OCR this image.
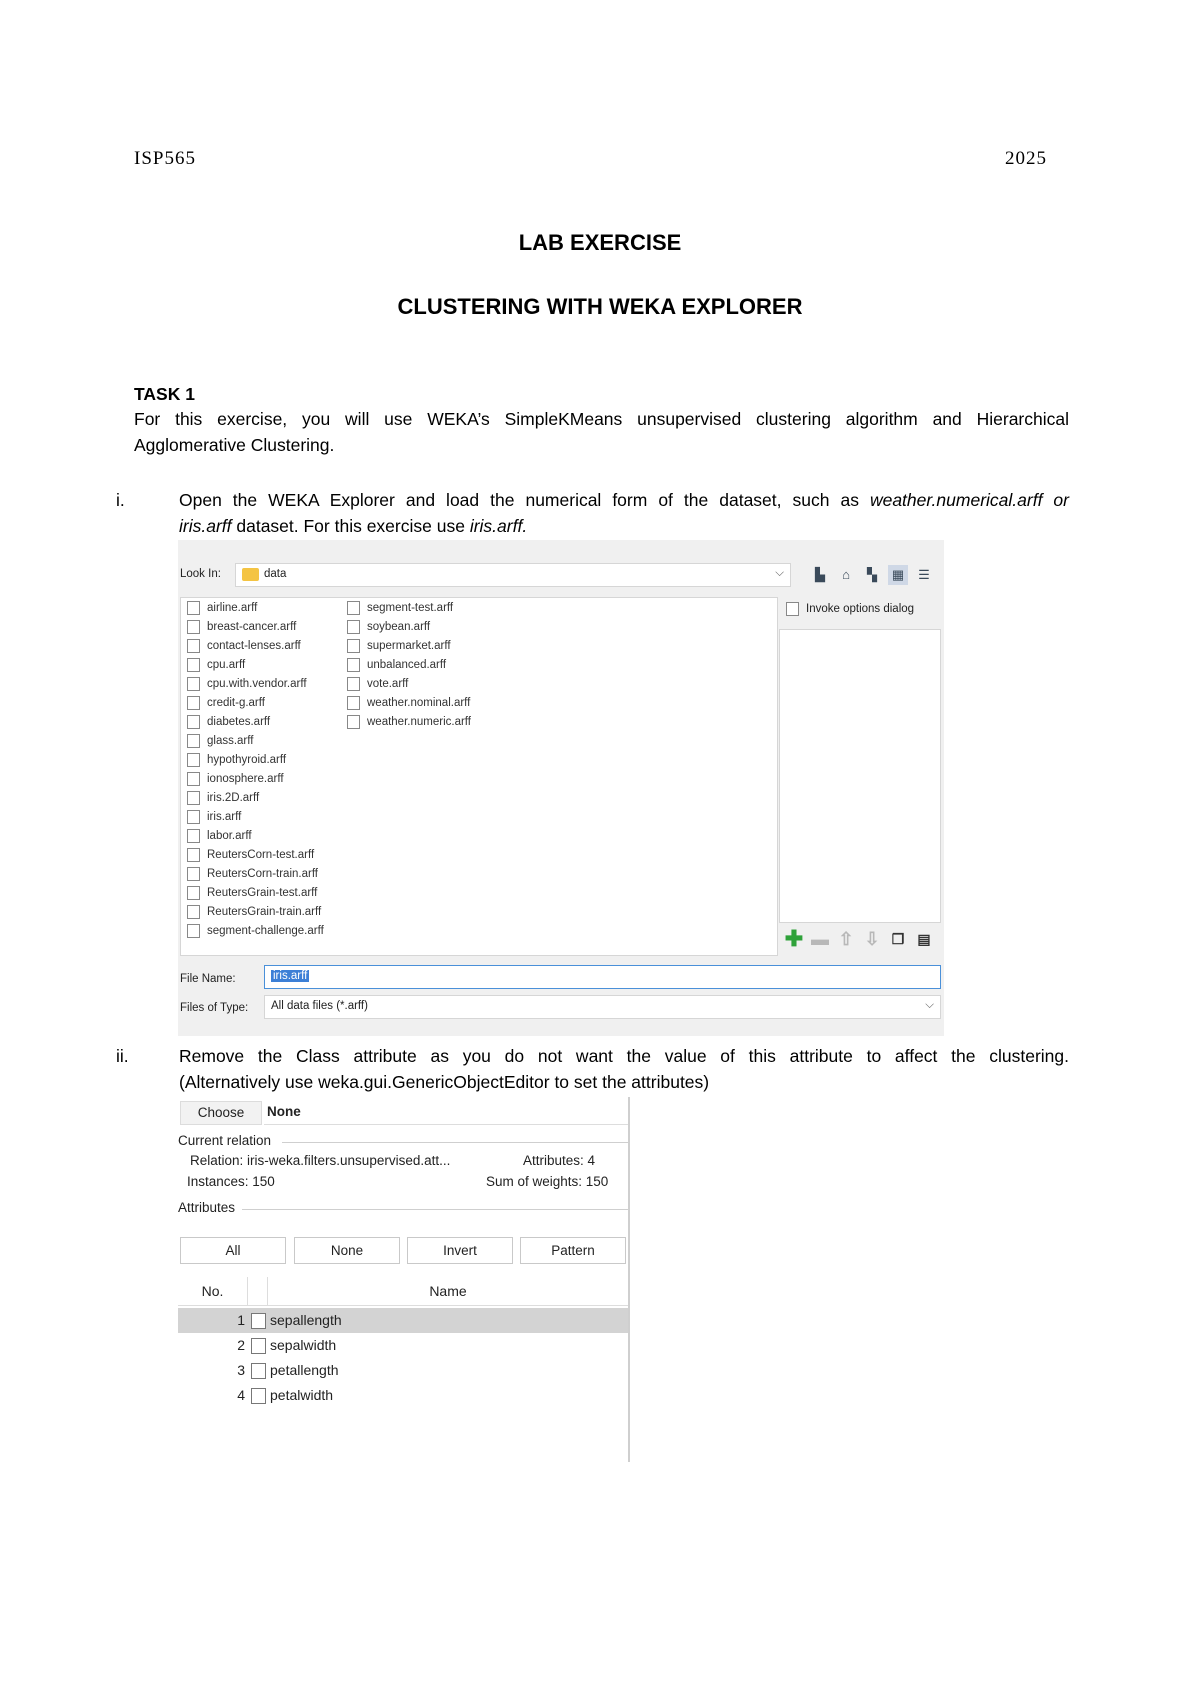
ISP565	2025
LAB EXERCISE
CLUSTERING WITH WEKA EXPLORER
TASK 1
For this exercise, you will use WEKA’s SimpleKMeans unsupervised clustering algorithm and Hierarchical
Agglomerative Clustering.
i.	Open the WEKA Explorer and load the numerical form of the dataset, such as weather.numerical.arff or
iris.arff dataset. For this exercise use iris.arff.
Look In:	data	⌵	▙	⌂	▚	▦	☰
airline.arff
breast-cancer.arff
contact-lenses.arff
cpu.arff
cpu.with.vendor.arff
credit-g.arff
diabetes.arff
glass.arff
hypothyroid.arff
ionosphere.arff
iris.2D.arff
iris.arff
labor.arff
ReutersCorn-test.arff
ReutersCorn-train.arff
ReutersGrain-test.arff
ReutersGrain-train.arff
segment-challenge.arff
segment-test.arff
soybean.arff
supermarket.arff
unbalanced.arff
vote.arff
weather.nominal.arff
weather.numeric.arff
Invoke options dialog
✚ ▬ ⇧ ⇩ ❐ ▤
File Name:	iris.arff
Files of Type: All data files (*.arff)	⌵
ii.	Remove the Class attribute as you do not want the value of this attribute to affect the clustering.
(Alternatively use weka.gui.GenericObjectEditor to set the attributes)
Choose	None
Current relation
Relation: iris-weka.filters.unsupervised.att...	Attributes: 4
Instances: 150	Sum of weights: 150
Attributes
All	None	Invert	Pattern
No.	Name
1 sepallength
2 sepalwidth
3 petallength
4 petalwidth
